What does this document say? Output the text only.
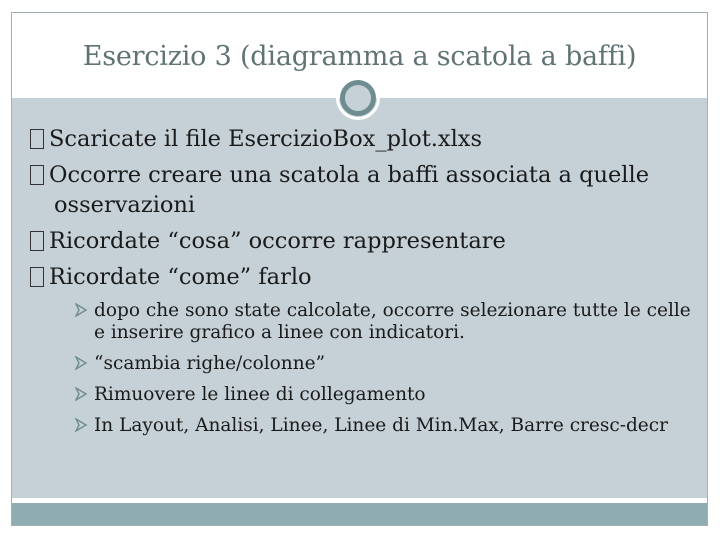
Esercizio 3 (diagramma a scatola a baffi)
Scaricate il file EsercizioBox_plot.xlxs
Occorre creare una scatola a baffi associata a quelle
osservazioni
Ricordate “cosa” occorre rappresentare
Ricordate “come” farlo
dopo che sono state calcolate, occorre selezionare tutte le celle e inserire grafico a linee con indicatori.
“scambia righe/colonne”
Rimuovere le linee di collegamento
In Layout, Analisi, Linee, Linee di Min.Max, Barre cresc-decr
